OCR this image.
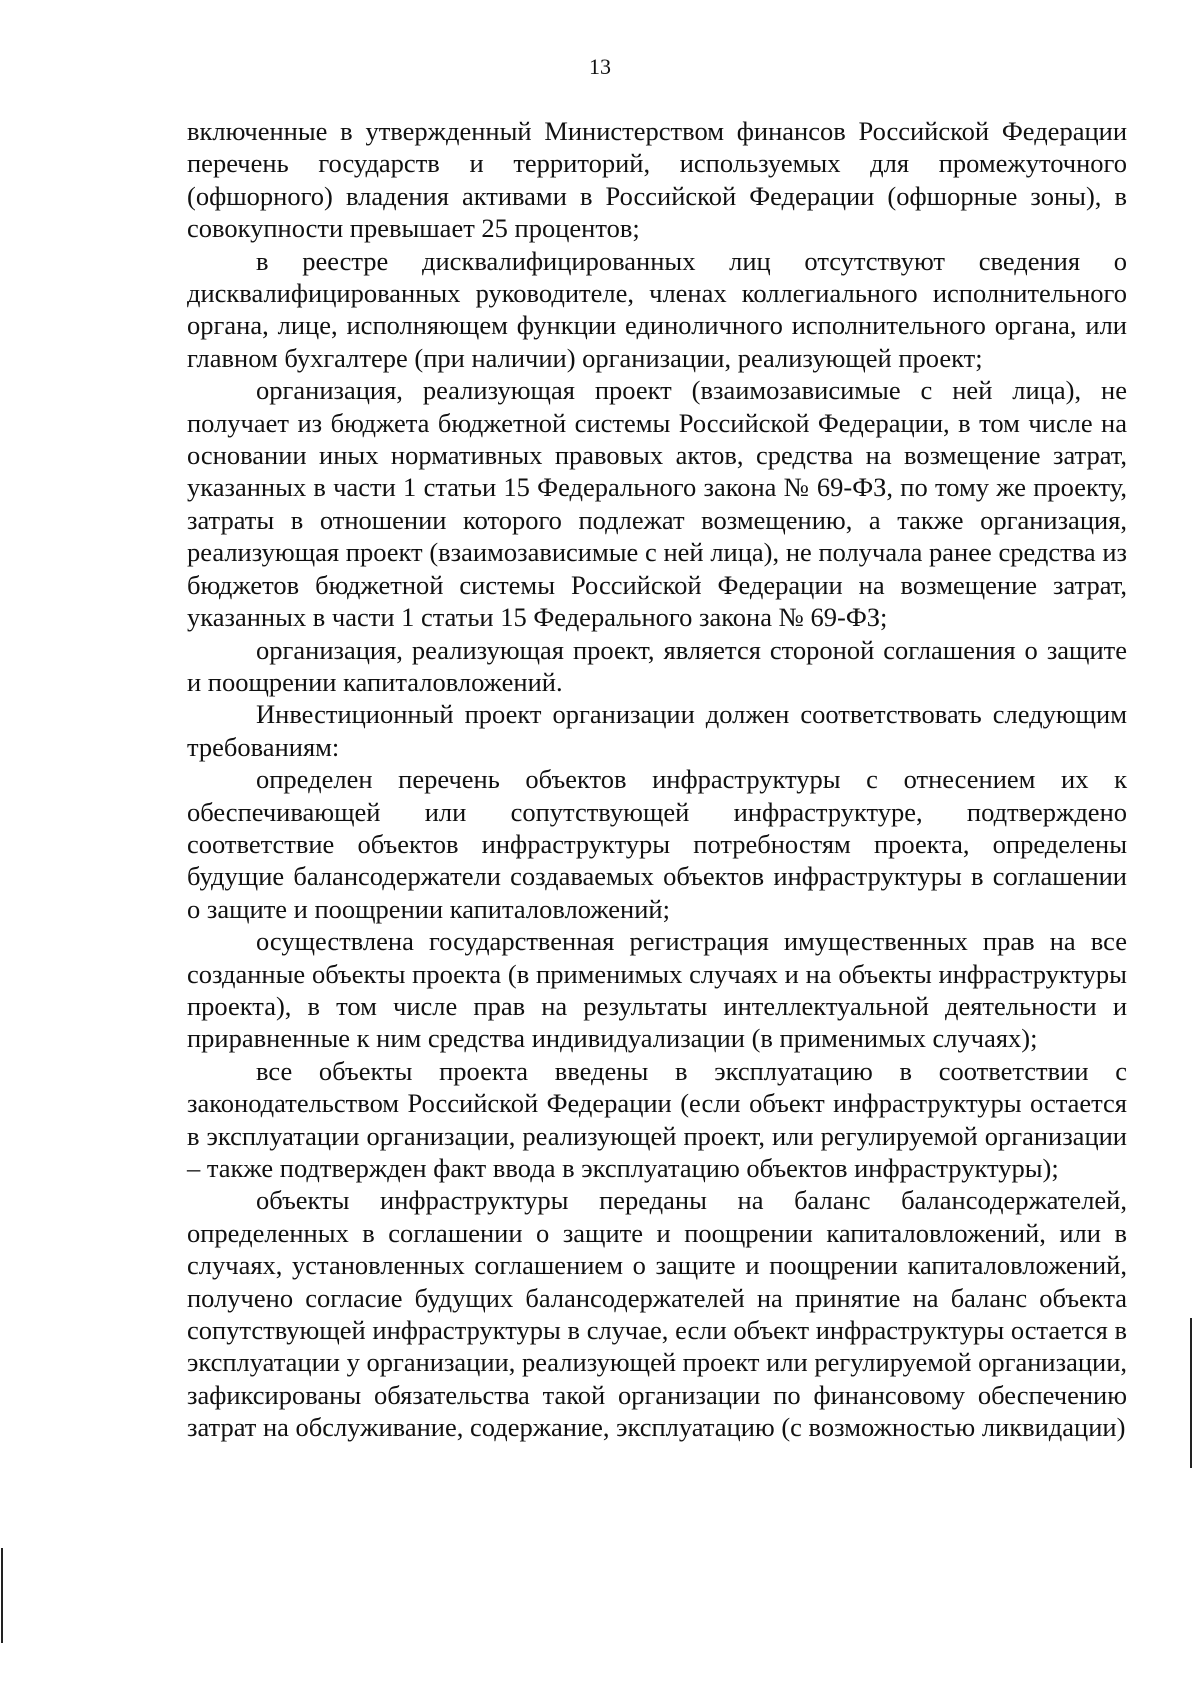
13

включенные в утвержденный Министерством финансов Российской Федерации перечень государств и территорий, используемых для промежуточного (офшорного) владения активами в Российской Федерации (офшорные зоны), в совокупности превышает 25 процентов;

в реестре дисквалифицированных лиц отсутствуют сведения о дисквалифицированных руководителе, членах коллегиального исполнительного органа, лице, исполняющем функции единоличного исполнительного органа, или главном бухгалтере (при наличии) организации, реализующей проект;

организация, реализующая проект (взаимозависимые с ней лица), не получает из бюджета бюджетной системы Российской Федерации, в том числе на основании иных нормативных правовых актов, средства на возмещение затрат, указанных в части 1 статьи 15 Федерального закона № 69-ФЗ, по тому же проекту, затраты в отношении которого подлежат возмещению, а также организация, реализующая проект (взаимозависимые с ней лица), не получала ранее средства из бюджетов бюджетной системы Российской Федерации на возмещение затрат, указанных в части 1 статьи 15 Федерального закона № 69-ФЗ;

организация, реализующая проект, является стороной соглашения о защите и поощрении капиталовложений.

Инвестиционный проект организации должен соответствовать следующим требованиям:

определен перечень объектов инфраструктуры с отнесением их к обеспечивающей или сопутствующей инфраструктуре, подтверждено соответствие объектов инфраструктуры потребностям проекта, определены будущие балансодержатели создаваемых объектов инфраструктуры в соглашении о защите и поощрении капиталовложений;

осуществлена государственная регистрация имущественных прав на все созданные объекты проекта (в применимых случаях и на объекты инфраструктуры проекта), в том числе прав на результаты интеллектуальной деятельности и приравненные к ним средства индивидуализации (в применимых случаях);

все объекты проекта введены в эксплуатацию в соответствии с законодательством Российской Федерации (если объект инфраструктуры остается в эксплуатации организации, реализующей проект, или регулируемой организации – также подтвержден факт ввода в эксплуатацию объектов инфраструктуры);

объекты инфраструктуры переданы на баланс балансодержателей, определенных в соглашении о защите и поощрении капиталовложений, или в случаях, установленных соглашением о защите и поощрении капиталовложений, получено согласие будущих балансодержателей на принятие на баланс объекта сопутствующей инфраструктуры в случае, если объект инфраструктуры остается в эксплуатации у организации, реализующей проект или регулируемой организации, зафиксированы обязательства такой организации по финансовому обеспечению затрат на обслуживание, содержание, эксплуатацию (с возможностью ликвидации)
